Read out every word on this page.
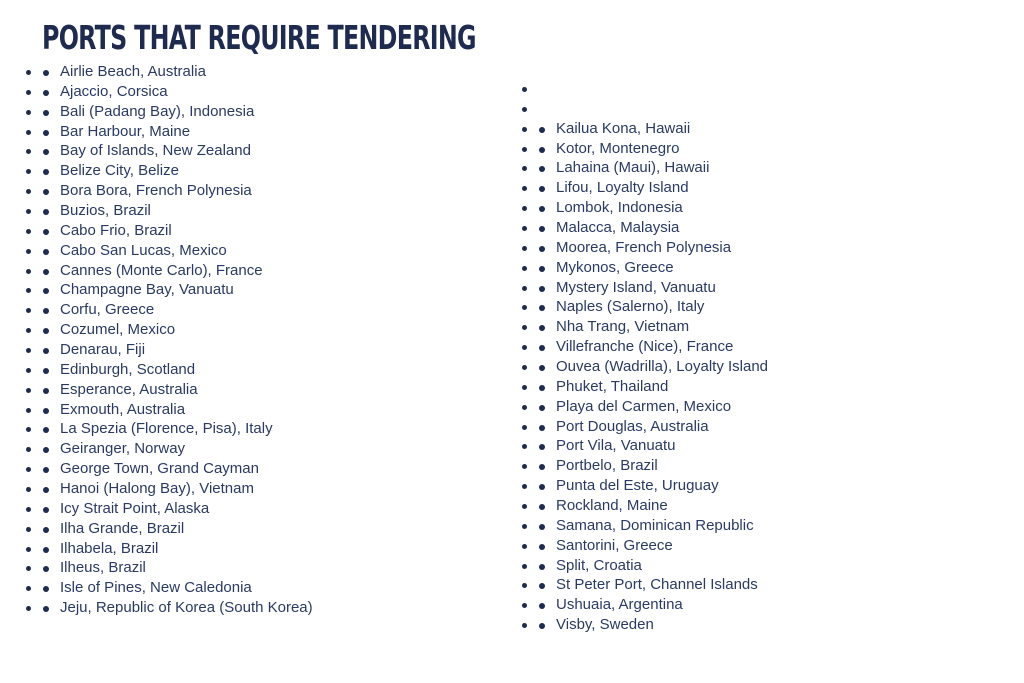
PORTS THAT REQUIRE TENDERING
Airlie Beach, Australia
Ajaccio, Corsica
Bali (Padang Bay), Indonesia
Bar Harbour, Maine
Bay of Islands, New Zealand
Belize City, Belize
Bora Bora, French Polynesia
Buzios, Brazil
Cabo Frio, Brazil
Cabo San Lucas, Mexico
Cannes (Monte Carlo), France
Champagne Bay, Vanuatu
Corfu, Greece
Cozumel, Mexico
Denarau, Fiji
Edinburgh, Scotland
Esperance, Australia
Exmouth, Australia
La Spezia (Florence, Pisa), Italy
Geiranger, Norway
George Town, Grand Cayman
Hanoi (Halong Bay), Vietnam
Icy Strait Point, Alaska
Ilha Grande, Brazil
Ilhabela, Brazil
Ilheus, Brazil
Isle of Pines, New Caledonia
Jeju, Republic of Korea (South Korea)
Kailua Kona, Hawaii
Kotor, Montenegro
Lahaina (Maui), Hawaii
Lifou, Loyalty Island
Lombok, Indonesia
Malacca, Malaysia
Moorea, French Polynesia
Mykonos, Greece
Mystery Island, Vanuatu
Naples (Salerno), Italy
Nha Trang, Vietnam
Villefranche (Nice), France
Ouvea (Wadrilla), Loyalty Island
Phuket, Thailand
Playa del Carmen, Mexico
Port Douglas, Australia
Port Vila, Vanuatu
Portbelo, Brazil
Punta del Este, Uruguay
Rockland, Maine
Samana, Dominican Republic
Santorini, Greece
Split, Croatia
St Peter Port, Channel Islands
Ushuaia, Argentina
Visby, Sweden
